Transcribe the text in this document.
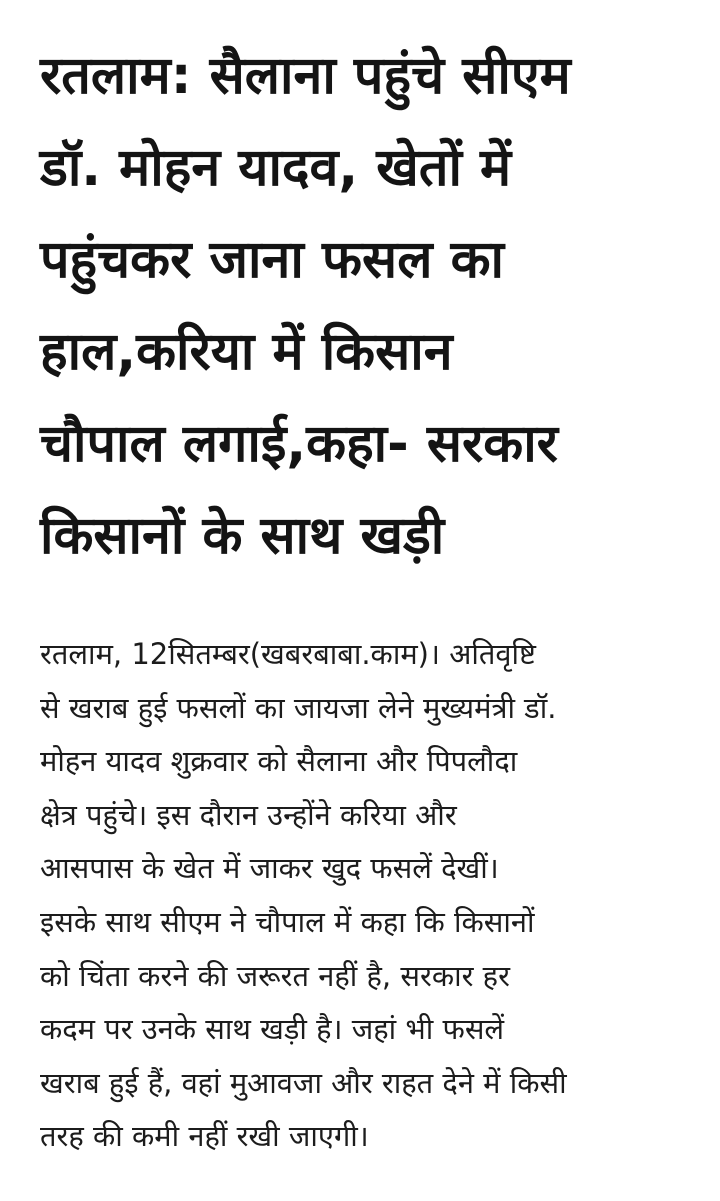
रतलाम: सैलाना पहुंचे सीएम
डॉ. मोहन यादव, खेतों में
पहुंचकर जाना फसल का
हाल,करिया में किसान
चौपाल लगाई,कहा- सरकार
किसानों के साथ खड़ी

रतलाम, 12सितम्बर(खबरबाबा.काम)। अतिवृष्टि
से खराब हुई फसलों का जायजा लेने मुख्यमंत्री डॉ.
मोहन यादव शुक्रवार को सैलाना और पिपलौदा
क्षेत्र पहुंचे। इस दौरान उन्होंने करिया और
आसपास के खेत में जाकर खुद फसलें देखीं।
इसके साथ सीएम ने चौपाल में कहा कि किसानों
को चिंता करने की जरूरत नहीं है, सरकार हर
कदम पर उनके साथ खड़ी है। जहां भी फसलें
खराब हुई हैं, वहां मुआवजा और राहत देने में किसी
तरह की कमी नहीं रखी जाएगी।
